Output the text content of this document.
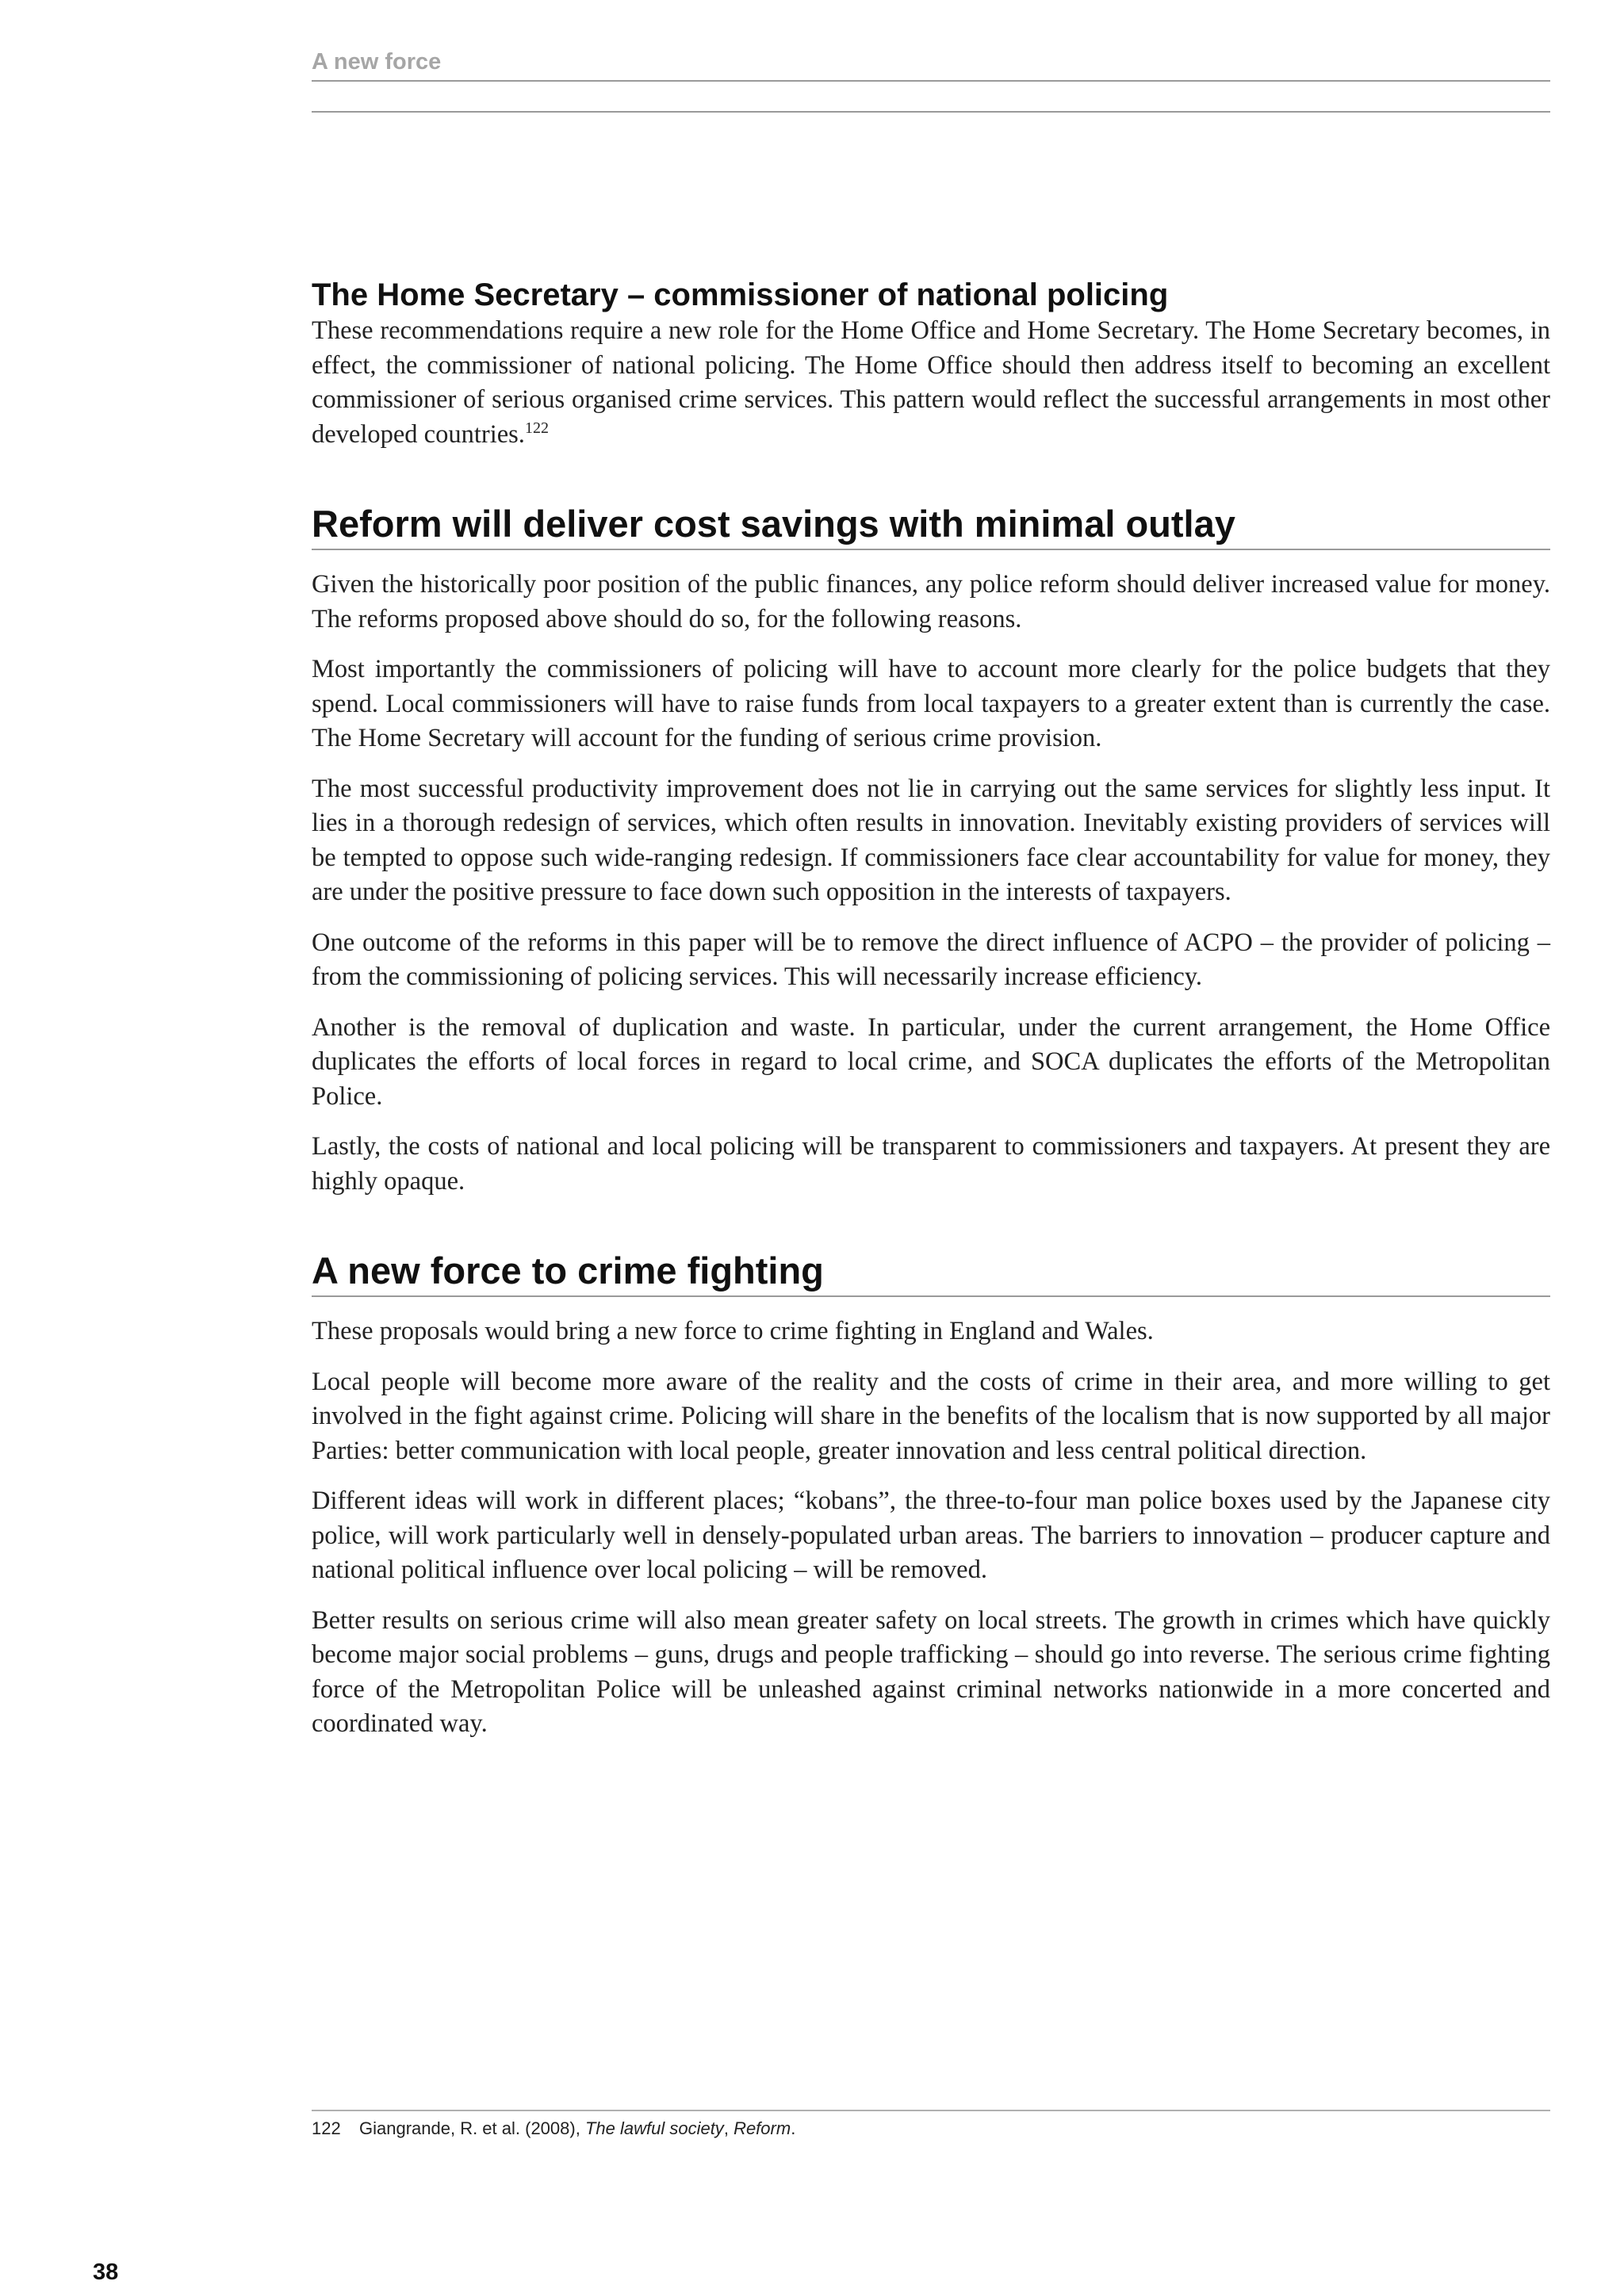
A new force
The Home Secretary – commissioner of national policing

These recommendations require a new role for the Home Office and Home Secretary. The Home Secretary becomes, in effect, the commissioner of national policing. The Home Office should then address itself to becoming an excellent commissioner of serious organised crime services. This pattern would reflect the successful arrangements in most other developed countries.$^{122}$

Reform will deliver cost savings with minimal outlay

Given the historically poor position of the public finances, any police reform should deliver increased value for money. The reforms proposed above should do so, for the following reasons.

Most importantly the commissioners of policing will have to account more clearly for the police budgets that they spend. Local commissioners will have to raise funds from local taxpayers to a greater extent than is currently the case. The Home Secretary will account for the funding of serious crime provision.

The most successful productivity improvement does not lie in carrying out the same services for slightly less input. It lies in a thorough redesign of services, which often results in innovation. Inevitably existing providers of services will be tempted to oppose such wide-ranging redesign. If commissioners face clear accountability for value for money, they are under the positive pressure to face down such opposition in the interests of taxpayers.

One outcome of the reforms in this paper will be to remove the direct influence of ACPO – the provider of policing – from the commissioning of policing services. This will necessarily increase efficiency.

Another is the removal of duplication and waste. In particular, under the current arrangement, the Home Office duplicates the efforts of local forces in regard to local crime, and SOCA duplicates the efforts of the Metropolitan Police.

Lastly, the costs of national and local policing will be transparent to commissioners and taxpayers. At present they are highly opaque.

A new force to crime fighting

These proposals would bring a new force to crime fighting in England and Wales.

Local people will become more aware of the reality and the costs of crime in their area, and more willing to get involved in the fight against crime. Policing will share in the benefits of the localism that is now supported by all major Parties: better communication with local people, greater innovation and less central political direction.

Different ideas will work in different places; “kobans”, the three-to-four man police boxes used by the Japanese city police, will work particularly well in densely-populated urban areas. The barriers to innovation – producer capture and national political influence over local policing – will be removed.

Better results on serious crime will also mean greater safety on local streets. The growth in crimes which have quickly become major social problems – guns, drugs and people trafficking – should go into reverse. The serious crime fighting force of the Metropolitan Police will be unleashed against criminal networks nationwide in a more concerted and coordinated way.

122 Giangrande, R. et al. (2008), The lawful society, Reform.
38
